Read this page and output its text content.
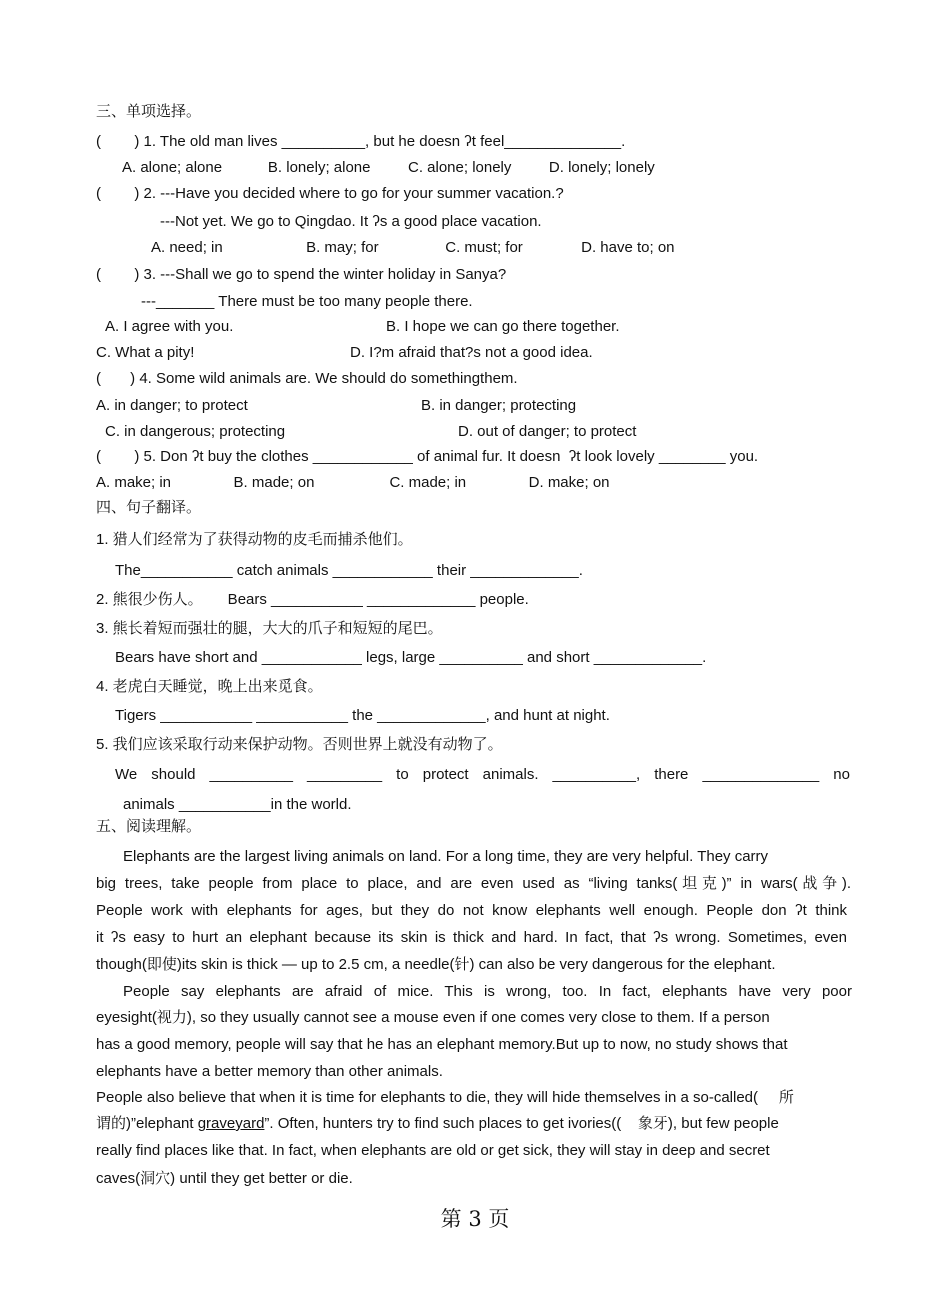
三、单项选择。
(        ) 1. The old man lives __________, but he doesn ʔt feel______________.
A. alone; alone           B. lonely; alone         C. alone; lonely         D. lonely; lonely
(        ) 2. ---Have you decided where to go for your summer vacation.?
---Not yet. We go to Qingdao. It ʔs a good place vacation.
A. need; in                    B. may; for                C. must; for              D. have to; on
(        ) 3. ---Shall we go to spend the winter holiday in Sanya?
---_______ There must be too many people there.
A. I agree with you.	B. I hope we can go there together.
C. What a pity!	D. I?m afraid that?s not a good idea.
(       ) 4. Some wild animals are. We should do somethingthem.
A. in danger; to protect	B. in danger; protecting
C. in dangerous; protecting	D. out of danger; to protect
(        ) 5. Don ʔt buy the clothes ____________ of animal fur. It doesn  ʔt look lovely ________ you.
A. make; in               B. made; on                  C. made; in               D. make; on
四、句子翻译。
1. 猎人们经常为了获得动物的皮毛而捕杀他们。
The___________ catch animals ____________ their _____________.
2. 熊很少伤人。      Bears ___________ _____________ people.
3. 熊长着短而强壮的腿，大大的爪子和短短的尾巴。
Bears have short and ____________ legs, large __________ and short _____________.
4. 老虎白天睡觉，晚上出来觅食。
Tigers ___________ ___________ the _____________, and hunt at night.
5. 我们应该采取行动来保护动物。否则世界上就没有动物了。
We should __________ _________ to protect animals. __________, there ______________ no
animals ___________in the world.
五、阅读理解。
Elephants are the largest living animals on land. For a long time, they are very helpful. They carry
big trees, take people from place to place, and are even used as “living tanks(坦克)” in wars(战争).
People work with elephants for ages, but they do not know elephants well enough. People don ʔt think
it ʔs easy to hurt an elephant because its skin is thick and hard. In fact, that ʔs wrong. Sometimes, even
though(即使)its skin is thick — up to 2.5 cm, a needle(针) can also be very dangerous for the elephant.
People say elephants are afraid of mice. This is wrong, too. In fact, elephants have very poor
eyesight(视力), so they usually cannot see a mouse even if one comes very close to them. If a person
has a good memory, people will say that he has an elephant memory.But up to now, no study shows that
elephants have a better memory than other animals.
People also believe that when it is time for elephants to die, they will hide themselves in a so-called(     所
谓的)”elephant graveyard”. Often, hunters try to find such places to get ivories((    象牙), but few people
really find places like that. In fact, when elephants are old or get sick, they will stay in deep and secret
caves(洞穴) until they get better or die.
第 3 页
